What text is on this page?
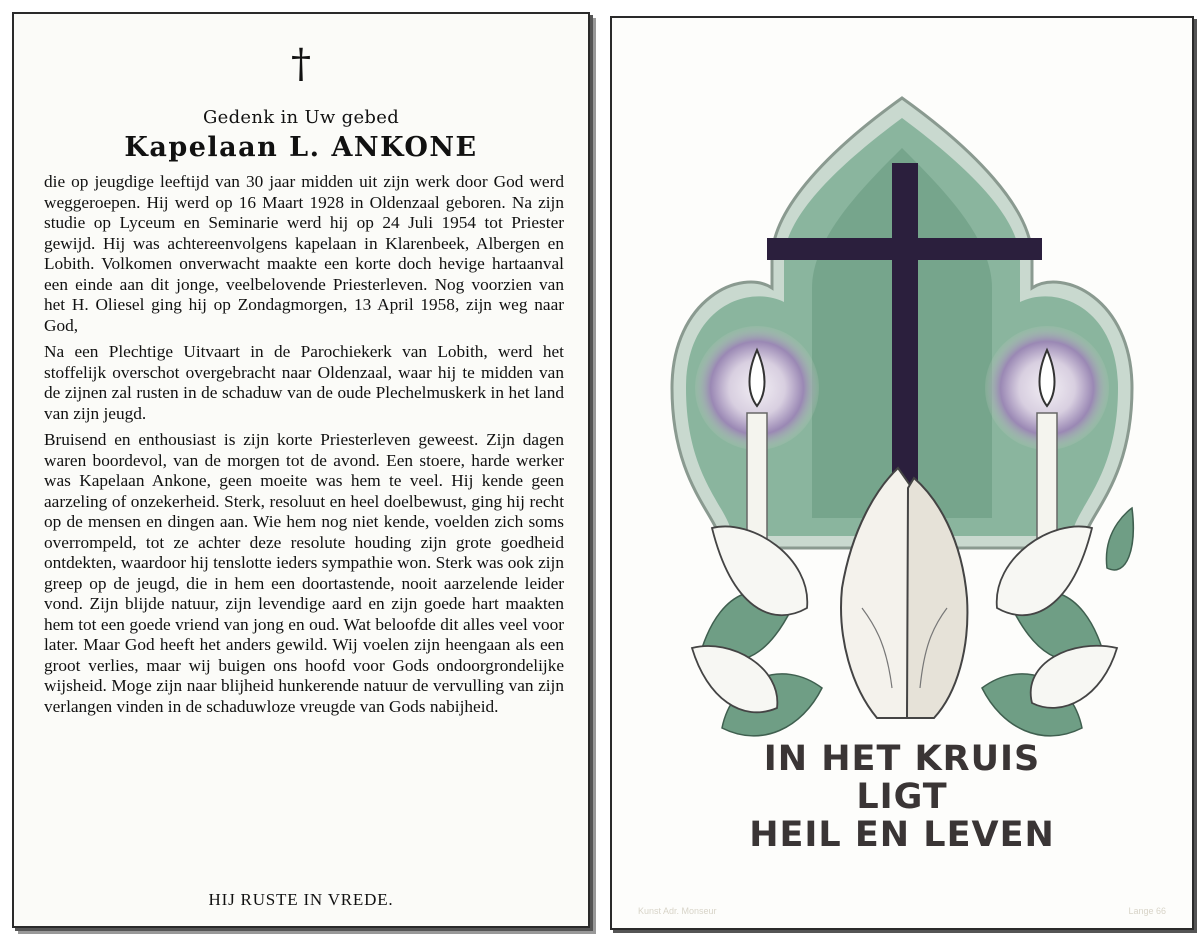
†
Gedenk in Uw gebed
Kapelaan L. ANKONE

die op jeugdige leeftijd van 30 jaar midden uit zijn werk door God werd weggeroepen. Hij werd op 16 Maart 1928 in Oldenzaal geboren. Na zijn studie op Lyceum en Seminarie werd hij op 24 Juli 1954 tot Priester gewijd. Hij was achtereenvolgens kapelaan in Klarenbeek, Albergen en Lobith. Volkomen onverwacht maakte een korte doch hevige hartaanval een einde aan dit jonge, veelbelovende Priesterleven. Nog voorzien van het H. Oliesel ging hij op Zondagmorgen, 13 April 1958, zijn weg naar God,

Na een Plechtige Uitvaart in de Parochiekerk van Lobith, werd het stoffelijk overschot overgebracht naar Oldenzaal, waar hij te midden van de zijnen zal rusten in de schaduw van de oude Plechelmuskerk in het land van zijn jeugd.

Bruisend en enthousiast is zijn korte Priesterleven geweest. Zijn dagen waren boordevol, van de morgen tot de avond. Een stoere, harde werker was Kapelaan Ankone, geen moeite was hem te veel. Hij kende geen aarzeling of onzekerheid. Sterk, resoluut en heel doelbewust, ging hij recht op de mensen en dingen aan. Wie hem nog niet kende, voelden zich soms overrompeld, tot ze achter deze resolute houding zijn grote goedheid ontdekten, waardoor hij tenslotte ieders sympathie won. Sterk was ook zijn greep op de jeugd, die in hem een doortastende, nooit aarzelende leider vond. Zijn blijde natuur, zijn levendige aard en zijn goede hart maakten hem tot een goede vriend van jong en oud. Wat beloofde dit alles veel voor later. Maar God heeft het anders gewild. Wij voelen zijn heengaan als een groot verlies, maar wij buigen ons hoofd voor Gods ondoorgrondelijke wijsheid. Moge zijn naar blijheid hunkerende natuur de vervulling van zijn verlangen vinden in de schaduwloze vreugde van Gods nabijheid.

HIJ RUSTE IN VREDE.
IN HET KRUIS
LIGT
HEIL EN LEVEN
Kunst Adr. Monseur	Lange 66
